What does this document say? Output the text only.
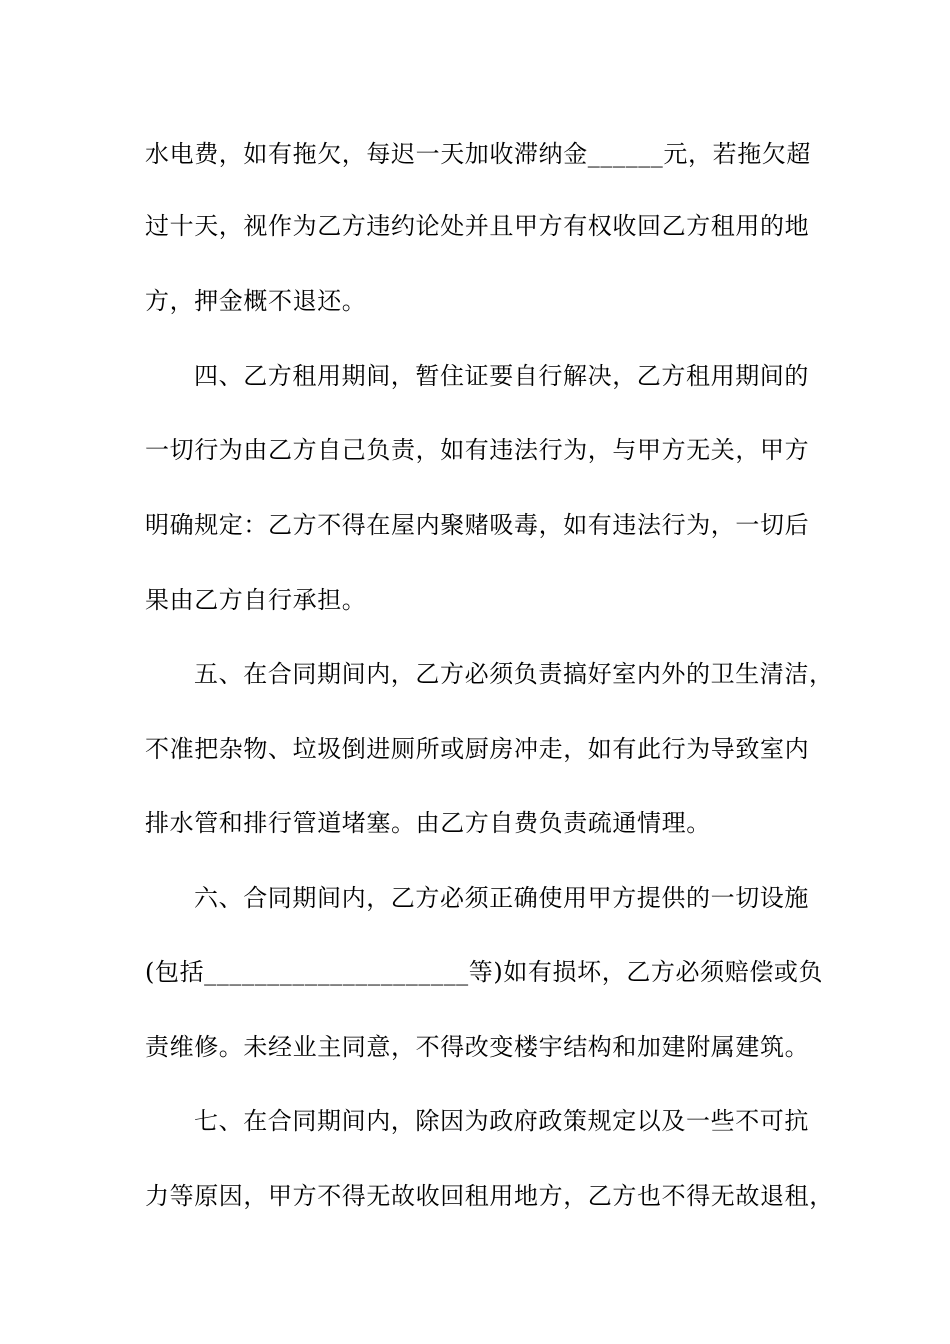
水电费，如有拖欠，每迟一天加收滞纳金______元，若拖欠超
过十天，视作为乙方违约论处并且甲方有权收回乙方租用的地
方，押金概不退还。
四、乙方租用期间，暂住证要自行解决，乙方租用期间的
一切行为由乙方自己负责，如有违法行为，与甲方无关，甲方
明确规定：乙方不得在屋内聚赌吸毒，如有违法行为，一切后
果由乙方自行承担。
五、在合同期间内，乙方必须负责搞好室内外的卫生清洁，
不准把杂物、垃圾倒进厕所或厨房冲走，如有此行为导致室内
排水管和排行管道堵塞。由乙方自费负责疏通情理。
六、合同期间内，乙方必须正确使用甲方提供的一切设施
(包括_____________________等)如有损坏，乙方必须赔偿或负
责维修。未经业主同意，不得改变楼宇结构和加建附属建筑。
七、在合同期间内，除因为政府政策规定以及一些不可抗
力等原因，甲方不得无故收回租用地方，乙方也不得无故退租，
